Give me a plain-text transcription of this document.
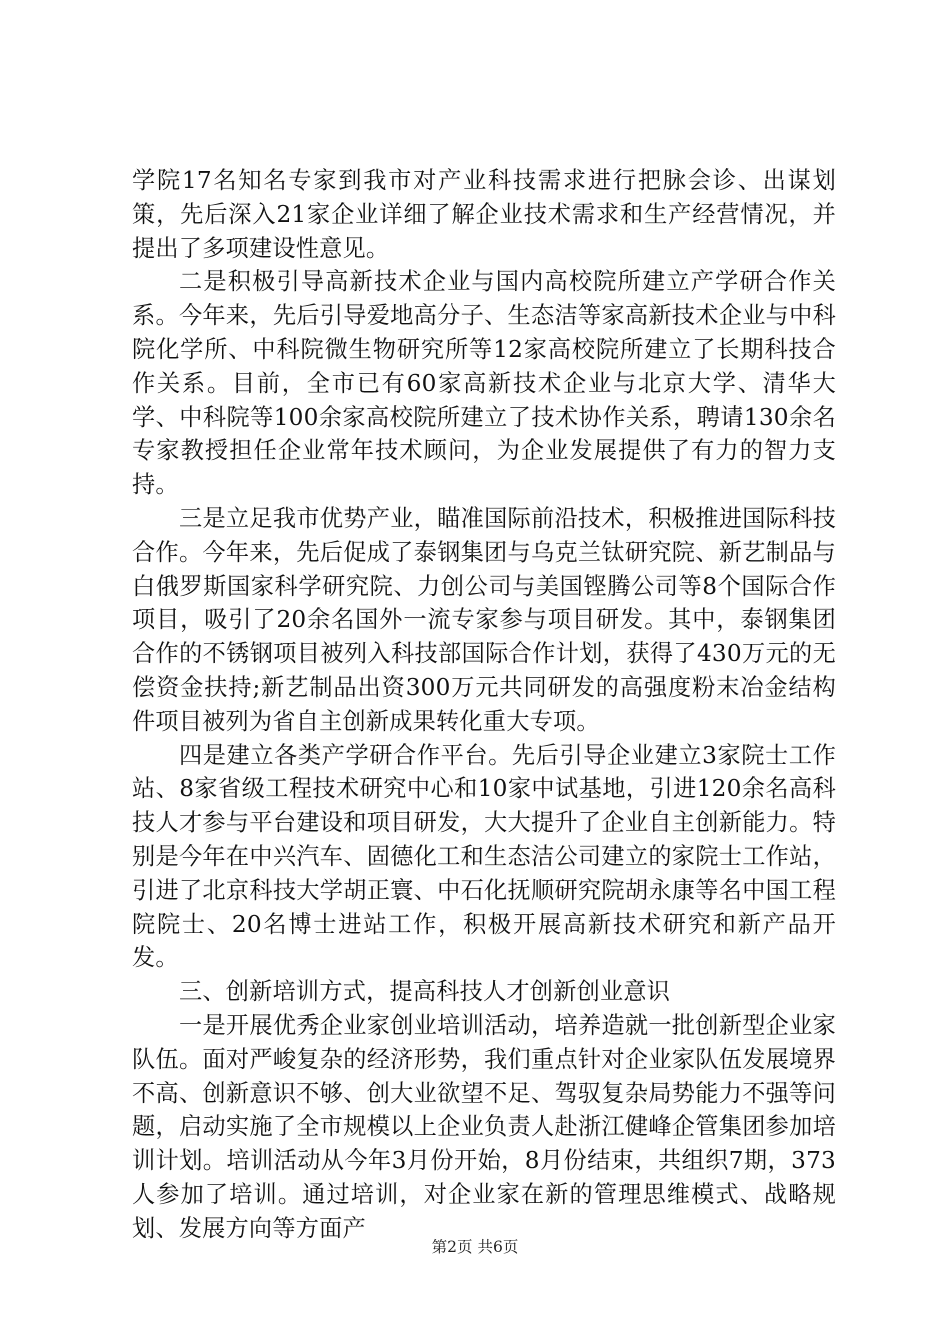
学院17名知名专家到我市对产业科技需求进行把脉会诊、出谋划策，先后深入21家企业详细了解企业技术需求和生产经营情况，并提出了多项建设性意见。

二是积极引导高新技术企业与国内高校院所建立产学研合作关系。今年来，先后引导爱地高分子、生态洁等家高新技术企业与中科院化学所、中科院微生物研究所等12家高校院所建立了长期科技合作关系。目前，全市已有60家高新技术企业与北京大学、清华大学、中科院等100余家高校院所建立了技术协作关系，聘请130余名专家教授担任企业常年技术顾问，为企业发展提供了有力的智力支持。

三是立足我市优势产业，瞄准国际前沿技术，积极推进国际科技合作。今年来，先后促成了泰钢集团与乌克兰钛研究院、新艺制品与白俄罗斯国家科学研究院、力创公司与美国铿腾公司等8个国际合作项目，吸引了20余名国外一流专家参与项目研发。其中，泰钢集团合作的不锈钢项目被列入科技部国际合作计划，获得了430万元的无偿资金扶持;新艺制品出资300万元共同研发的高强度粉末冶金结构件项目被列为省自主创新成果转化重大专项。

四是建立各类产学研合作平台。先后引导企业建立3家院士工作站、8家省级工程技术研究中心和10家中试基地，引进120余名高科技人才参与平台建设和项目研发，大大提升了企业自主创新能力。特别是今年在中兴汽车、固德化工和生态洁公司建立的家院士工作站，引进了北京科技大学胡正寰、中石化抚顺研究院胡永康等名中国工程院院士、20名博士进站工作，积极开展高新技术研究和新产品开发。

三、创新培训方式，提高科技人才创新创业意识

一是开展优秀企业家创业培训活动，培养造就一批创新型企业家队伍。面对严峻复杂的经济形势，我们重点针对企业家队伍发展境界不高、创新意识不够、创大业欲望不足、驾驭复杂局势能力不强等问题，启动实施了全市规模以上企业负责人赴浙江健峰企管集团参加培训计划。培训活动从今年3月份开始，8月份结束，共组织7期，373人参加了培训。通过培训，对企业家在新的管理思维模式、战略规划、发展方向等方面产

第2页 共6页
